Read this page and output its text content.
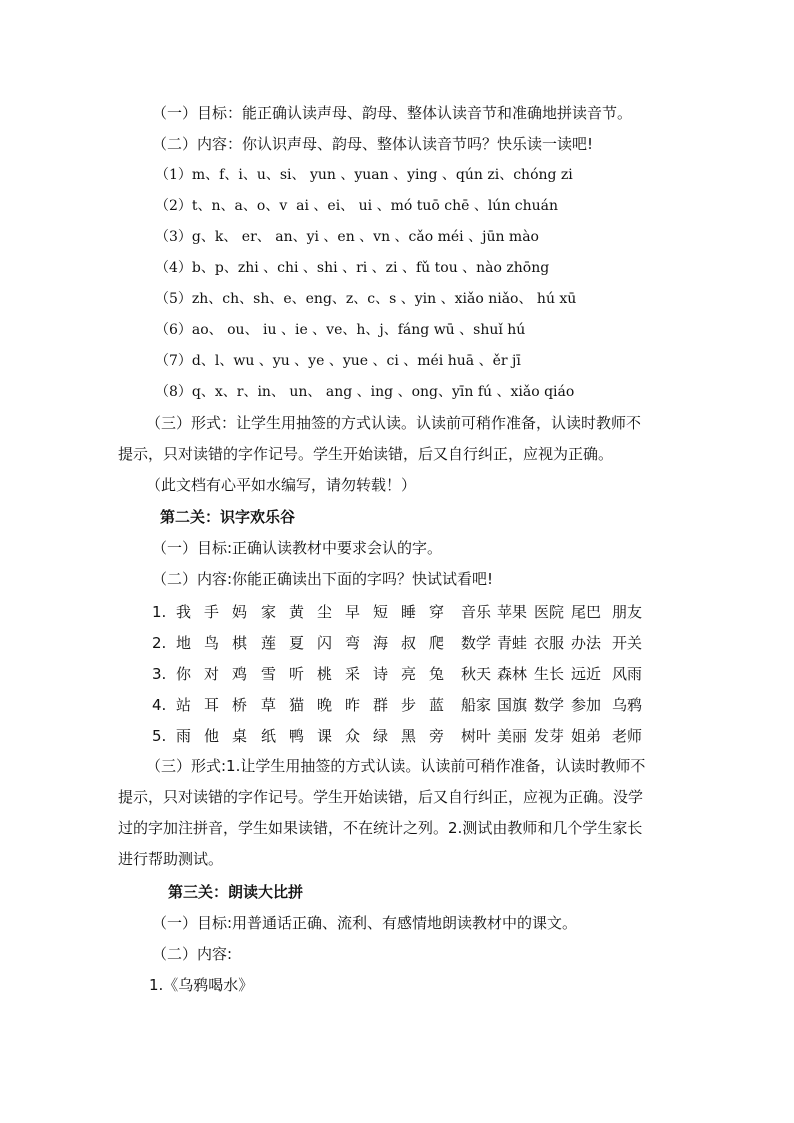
（一）目标：能正确认读声母、韵母、整体认读音节和准确地拼读音节。
（二）内容：你认识声母、韵母、整体认读音节吗？快乐读一读吧!
（1）m、f、i、u、si、 yun 、yuan 、ying 、qún zi、chóng zi
（2）t、n、a、o、v  ai 、ei、 ui 、mó tuō chē 、lún chuán
（3）g、k、 er、 an、yi 、en 、vn 、cǎo méi 、jūn mào
（4）b、p、zhi 、chi 、shi 、ri 、zi 、fǔ tou 、nào zhōng
（5）zh、ch、sh、e、eng、z、c、s 、yin 、xiǎo niǎo、 hú xū
（6）ao、 ou、 iu 、ie 、ve、h、j、fáng wū 、shuǐ hú
（7）d、l、wu 、yu 、ye 、yue 、ci 、méi huā 、ěr jī
（8）q、x、r、in、 un、 ang 、ing 、ong、yīn fú 、xiǎo qiáo
（三）形式：让学生用抽签的方式认读。认读前可稍作准备，认读时教师不
提示，只对读错的字作记号。学生开始读错，后又自行纠正，应视为正确。
（此文档有心平如水编写，请勿转载！）
第二关：识字欢乐谷
（一）目标:正确认读教材中要求会认的字。
（二）内容:你能正确读出下面的字吗？快试试看吧!
1. 我 手 妈 家 黄 尘 早 短 睡 穿 音乐 苹果 医院 尾巴 朋友
2. 地 鸟 棋 莲 夏 闪 弯 海 叔 爬 数学 青蛙 衣服 办法 开关
3. 你 对 鸡 雪 听 桃 采 诗 亮 兔 秋天 森林 生长 远近 风雨
4. 站 耳 桥 草 猫 晚 昨 群 步 蓝 船家 国旗 数学 参加 乌鸦
5. 雨 他 桌 纸 鸭 课 众 绿 黑 旁 树叶 美丽 发芽 姐弟 老师
（三）形式:1.让学生用抽签的方式认读。认读前可稍作准备，认读时教师不
提示，只对读错的字作记号。学生开始读错，后又自行纠正，应视为正确。没学
过的字加注拼音，学生如果读错，不在统计之列。2.测试由教师和几个学生家长
进行帮助测试。
第三关：朗读大比拼
（一）目标:用普通话正确、流利、有感情地朗读教材中的课文。
（二）内容:
1.《乌鸦喝水》
